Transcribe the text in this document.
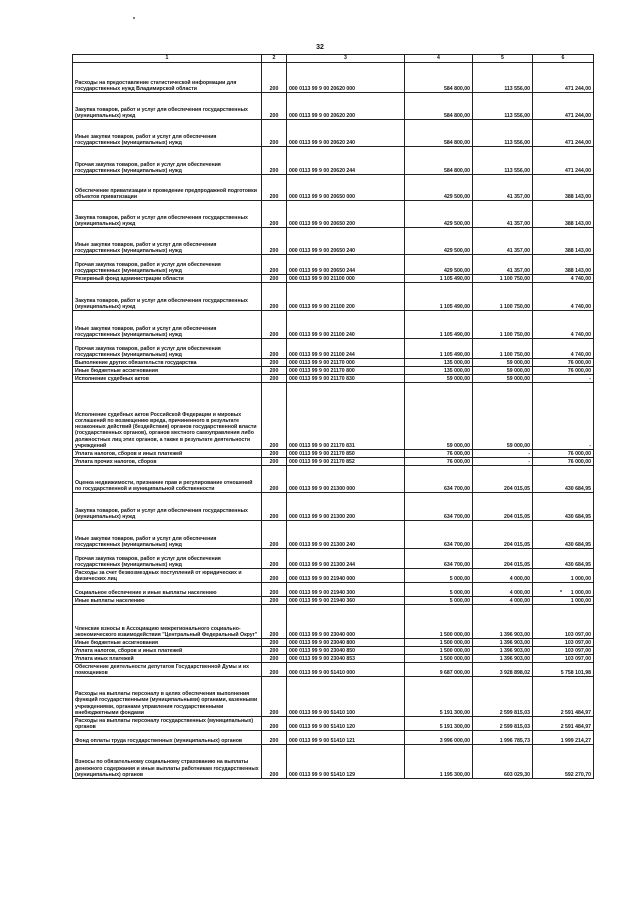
32
1	2	3	4	5	6
Расходы на предоставление статистической информации для государственных нужд Владимирской области	200	000 0113 99 9 00 20620 000	584 800,00	113 556,00	471 244,00
Закупка товаров, работ и услуг для обеспечения государственных (муниципальных) нужд	200	000 0113 99 9 00 20620 200	584 800,00	113 556,00	471 244,00
Иные закупки товаров, работ и услуг для обеспечения государственных (муниципальных) нужд	200	000 0113 99 9 00 20620 240	584 800,00	113 556,00	471 244,00
Прочая закупка товаров, работ и услуг для обеспечения государственных (муниципальных) нужд	200	000 0113 99 9 00 20620 244	584 800,00	113 556,00	471 244,00
Обеспечение приватизации и проведение предпродажной подготовки объектов приватизации	200	000 0113 99 9 00 20650 000	429 500,00	41 357,00	388 143,00
Закупка товаров, работ и услуг для обеспечения государственных (муниципальных) нужд	200	000 0113 99 9 00 20650 200	429 500,00	41 357,00	388 143,00
Иные закупки товаров, работ и услуг для обеспечения государственных (муниципальных) нужд	200	000 0113 99 9 00 20650 240	429 500,00	41 357,00	388 143,00
Прочая закупка товаров, работ и услуг для обеспечения государственных (муниципальных) нужд	200	000 0113 99 9 00 20650 244	429 500,00	41 357,00	388 143,00
Резервный фонд администрации области	200	000 0113 99 9 00 21100 000	1 105 490,00	1 100 750,00	4 740,00
Закупка товаров, работ и услуг для обеспечения государственных (муниципальных) нужд	200	000 0113 99 9 00 21100 200	1 105 490,00	1 100 750,00	4 740,00
Иные закупки товаров, работ и услуг для обеспечения государственных (муниципальных) нужд	200	000 0113 99 9 00 21100 240	1 105 490,00	1 100 750,00	4 740,00
Прочая закупка товаров, работ и услуг для обеспечения государственных (муниципальных) нужд	200	000 0113 99 9 00 21100 244	1 105 490,00	1 100 750,00	4 740,00
Выполнение других обязательств государства	200	000 0113 99 9 00 21170 000	135 000,00	59 000,00	76 000,00
Иные бюджетные ассигнования	200	000 0113 99 9 00 21170 800	135 000,00	59 000,00	76 000,00
Исполнение судебных актов	200	000 0113 99 9 00 21170 830	59 000,00	59 000,00	-
Исполнение судебных актов Российской Федерации и мировых соглашений по возмещению вреда, причиненного в результате незаконных действий (бездействия) органов государственной власти (государственных органов), органов местного самоуправления либо должностных лиц этих органов, а также в результате деятельности учреждений	200	000 0113 99 9 00 21170 831	59 000,00	59 000,00	-
Уплата налогов, сборов и иных платежей	200	000 0113 99 9 00 21170 850	76 000,00	-	76 000,00
Уплата прочих налогов, сборов	200	000 0113 99 9 00 21170 852	76 000,00	-	76 000,00
Оценка недвижимости, признание прав и регулирование отношений по государственной и муниципальной собственности	200	000 0113 99 9 00 21300 000	634 700,00	204 015,05	430 684,95
Закупка товаров, работ и услуг для обеспечения государственных (муниципальных) нужд	200	000 0113 99 9 00 21300 200	634 700,00	204 015,05	430 684,95
Иные закупки товаров, работ и услуг для обеспечения государственных (муниципальных) нужд	200	000 0113 99 9 00 21300 240	634 700,00	204 015,05	430 684,95
Прочая закупка товаров, работ и услуг для обеспечения государственных (муниципальных) нужд	200	000 0113 99 9 00 21300 244	634 700,00	204 015,05	430 684,95
Расходы за счет безвозмездных поступлений от юридических и физических лиц	200	000 0113 99 9 00 21940 000	5 000,00	4 000,00	1 000,00
Социальное обеспечение и иные выплаты населению	200	000 0113 99 9 00 21940 300	5 000,00	4 000,00	1 000,00
Иные выплаты населению	200	000 0113 99 9 00 21940 360	5 000,00	4 000,00	1 000,00
Членские взносы в Ассоциацию межрегионального социально-экономического взаимодействия "Центральный Федеральный Округ"	200	000 0113 99 9 00 23040 000	1 500 000,00	1 396 903,00	103 097,00
Иные бюджетные ассигнования	200	000 0113 99 9 00 23040 800	1 500 000,00	1 396 903,00	103 097,00
Уплата налогов, сборов и иных платежей	200	000 0113 99 9 00 23040 850	1 500 000,00	1 396 903,00	103 097,00
Уплата иных платежей	200	000 0113 99 9 00 23040 853	1 500 000,00	1 396 903,00	103 097,00
Обеспечение деятельности депутатов Государственной Думы и их помощников	200	000 0113 99 9 00 51410 000	9 687 000,00	3 928 898,02	5 758 101,98
Расходы на выплаты персоналу в целях обеспечения выполнения функций государственными (муниципальными) органами, казенными учреждениями, органами управления государственными внебюджетными фондами	200	000 0113 99 9 00 51410 100	5 191 300,00	2 599 815,03	2 591 484,97
Расходы на выплаты персоналу государственных (муниципальных) органов	200	000 0113 99 9 00 51410 120	5 191 300,00	2 599 815,03	2 591 484,97
Фонд оплаты труда государственных (муниципальных) органов	200	000 0113 99 9 00 51410 121	3 996 000,00	1 996 785,73	1 999 214,27
Взносы по обязательному социальному страхованию на выплаты денежного содержания и иные выплаты работникам государственных (муниципальных) органов	200	000 0113 99 9 00 51410 129	1 195 300,00	603 029,30	592 270,70
